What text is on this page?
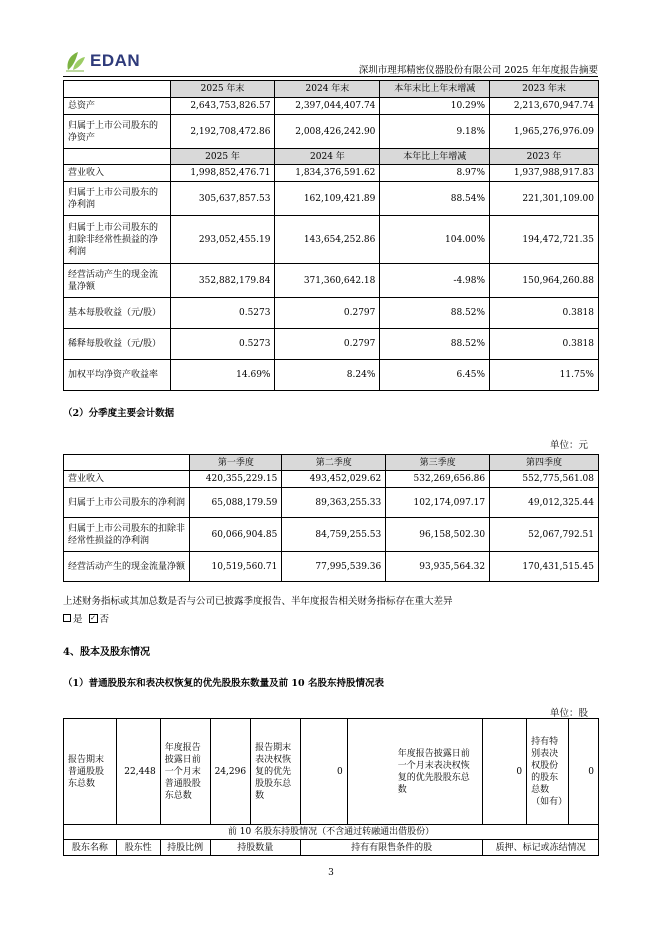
EDAN
深圳市理邦精密仪器股份有限公司 2025 年年度报告摘要
	2025 年末	2024 年末	本年末比上年末增减	2023 年末
总资产	2,643,753,826.57	2,397,044,407.74	10.29%	2,213,670,947.74
归属于上市公司股东的净资产	2,192,708,472.86	2,008,426,242.90	9.18%	1,965,276,976.09
	2025 年	2024 年	本年比上年增减	2023 年
营业收入	1,998,852,476.71	1,834,376,591.62	8.97%	1,937,988,917.83
归属于上市公司股东的净利润	305,637,857.53	162,109,421.89	88.54%	221,301,109.00
归属于上市公司股东的扣除非经常性损益的净利润	293,052,455.19	143,654,252.86	104.00%	194,472,721.35
经营活动产生的现金流量净额	352,882,179.84	371,360,642.18	-4.98%	150,964,260.88
基本每股收益（元/股）	0.5273	0.2797	88.52%	0.3818
稀释每股收益（元/股）	0.5273	0.2797	88.52%	0.3818
加权平均净资产收益率	14.69%	8.24%	6.45%	11.75%
（2）分季度主要会计数据
单位：元
	第一季度	第二季度	第三季度	第四季度
营业收入	420,355,229.15	493,452,029.62	532,269,656.86	552,775,561.08
归属于上市公司股东的净利润	65,088,179.59	89,363,255.33	102,174,097.17	49,012,325.44
归属于上市公司股东的扣除非经常性损益的净利润	60,066,904.85	84,759,255.53	96,158,502.30	52,067,792.51
经营活动产生的现金流量净额	10,519,560.71	77,995,539.36	93,935,564.32	170,431,515.45
上述财务指标或其加总数是否与公司已披露季度报告、半年度报告相关财务指标存在重大差异
是 ✓ 否
4、股本及股东情况
（1）普通股股东和表决权恢复的优先股股东数量及前 10 名股东持股情况表
单位：股
报告期末普通股股东总数	22,448	年度报告披露日前一个月末普通股股东总数	24,296	报告期末表决权恢复的优先股股东总数	0	年度报告披露日前一个月末表决权恢复的优先股股东总数	0	持有特别表决权股份的股东总数（如有）	0
前 10 名股东持股情况（不含通过转融通出借股份）									
股东名称	股东性	持股比例	持股数量		持有有限售条件的股		质押、标记或冻结情况		
3
